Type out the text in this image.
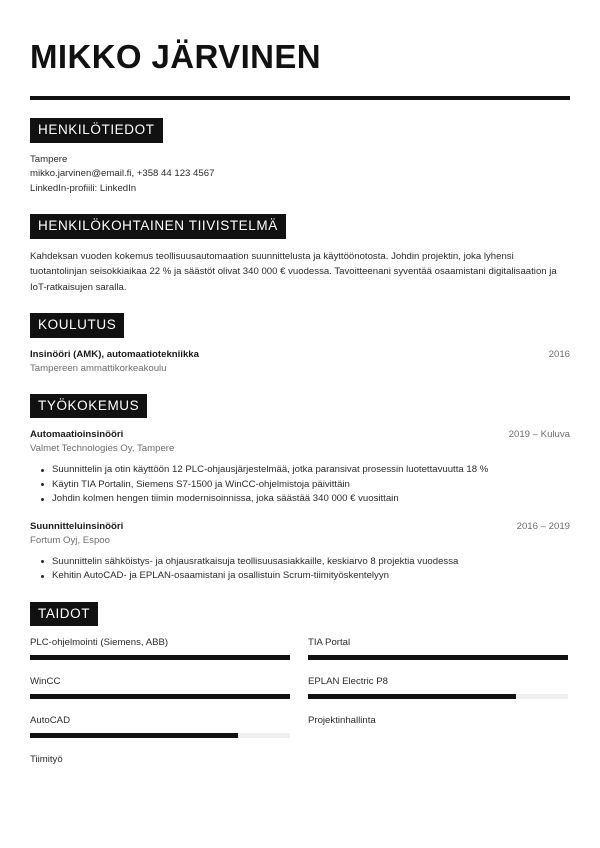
MIKKO JÄRVINEN
HENKILÖTIEDOT
Tampere
mikko.jarvinen@email.fi, +358 44 123 4567
LinkedIn-profiili: LinkedIn
HENKILÖKOHTAINEN TIIVISTELMÄ
Kahdeksan vuoden kokemus teollisuusautomaation suunnittelusta ja käyttöönotosta. Johdin projektin, joka lyhensi tuotantolinjan seisokkiaikaa 22 % ja säästöt olivat 340 000 € vuodessa. Tavoitteenani syventää osaamistani digitalisaation ja IoT-ratkaisujen saralla.
KOULUTUS
Insinööri (AMK), automaatiotekniikka	2016
Tampereen ammattikorkeakoulu
TYÖKOKEMUS
Automaatioinsinööri	2019 – Kuluva
Valmet Technologies Oy, Tampere
Suunnittelin ja otin käyttöön 12 PLC-ohjausjärjestelmää, jotka paransivat prosessin luotettavuutta 18 %
Käytin TIA Portalin, Siemens S7-1500 ja WinCC-ohjelmistoja päivittäin
Johdin kolmen hengen tiimin modernisoinnissa, joka säästää 340 000 € vuosittain
Suunnitteluinsinööri	2016 – 2019
Fortum Oyj, Espoo
Suunnittelin sähköistys- ja ohjausratkaisuja teollisuusasiakkaille, keskiarvo 8 projektia vuodessa
Kehitin AutoCAD- ja EPLAN-osaamistani ja osallistuin Scrum-tiimityöskentelyyn
TAIDOT
PLC-ohjelmointi (Siemens, ABB)	TIA Portal
WinCC	EPLAN Electric P8
AutoCAD	Projektinhallinta
Tiimityö
